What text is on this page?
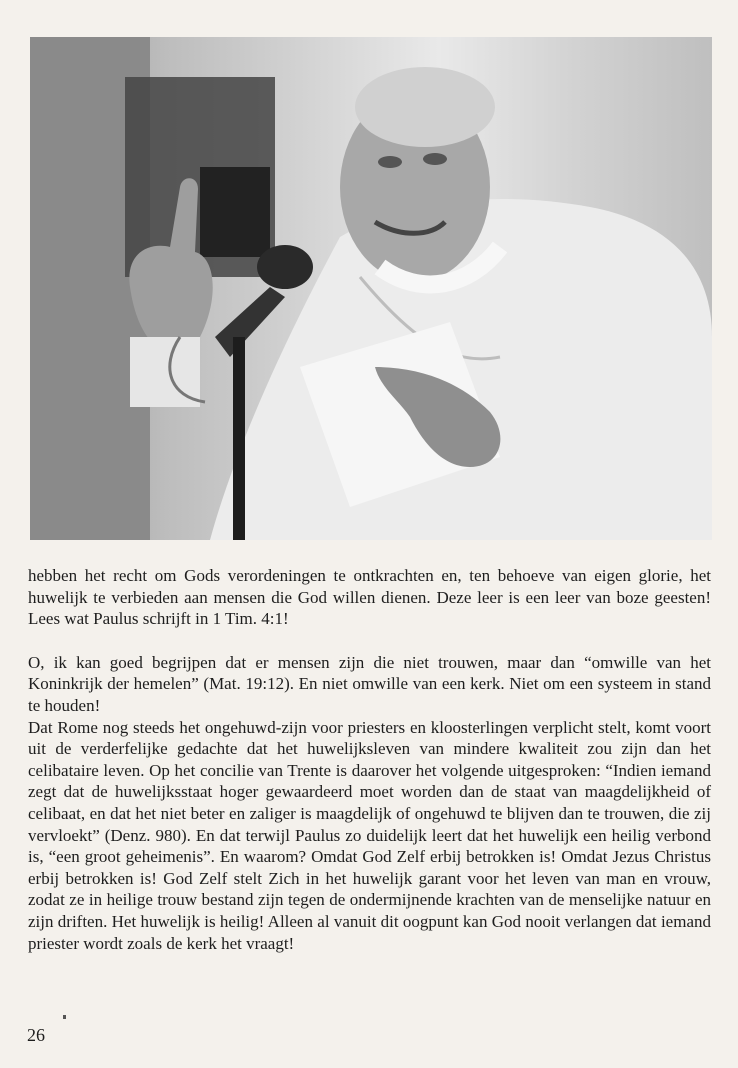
hebben het recht om Gods verordeningen te ontkrachten en, ten behoeve van eigen glorie, het huwelijk te verbieden aan mensen die God willen dienen. Deze leer is een leer van boze geesten! Lees wat Paulus schrijft in 1 Tim. 4:1!

O, ik kan goed begrijpen dat er mensen zijn die niet trouwen, maar dan “omwille van het Koninkrijk der hemelen” (Mat. 19:12). En niet omwille van een kerk. Niet om een systeem in stand te houden!

Dat Rome nog steeds het ongehuwd-zijn voor priesters en kloosterlingen verplicht stelt, komt voort uit de verderfelijke gedachte dat het huwelijksleven van mindere kwaliteit zou zijn dan het celibataire leven. Op het concilie van Trente is daarover het volgende uitgesproken: “Indien iemand zegt dat de huwelijksstaat hoger gewaardeerd moet worden dan de staat van maagdelijkheid of celibaat, en dat het niet beter en zaliger is maagdelijk of ongehuwd te blijven dan te trouwen, die zij vervloekt” (Denz. 980). En dat terwijl Paulus zo duidelijk leert dat het huwelijk een heilig verbond is, “een groot geheimenis”. En waarom? Omdat God Zelf erbij betrokken is! Omdat Jezus Christus erbij betrokken is! God Zelf stelt Zich in het huwelijk garant voor het leven van man en vrouw, zodat ze in heilige trouw bestand zijn tegen de ondermijnende krachten van de menselijke natuur en zijn driften. Het huwelijk is heilig! Alleen al vanuit dit oogpunt kan God nooit verlangen dat iemand priester wordt zoals de kerk het vraagt!

26
